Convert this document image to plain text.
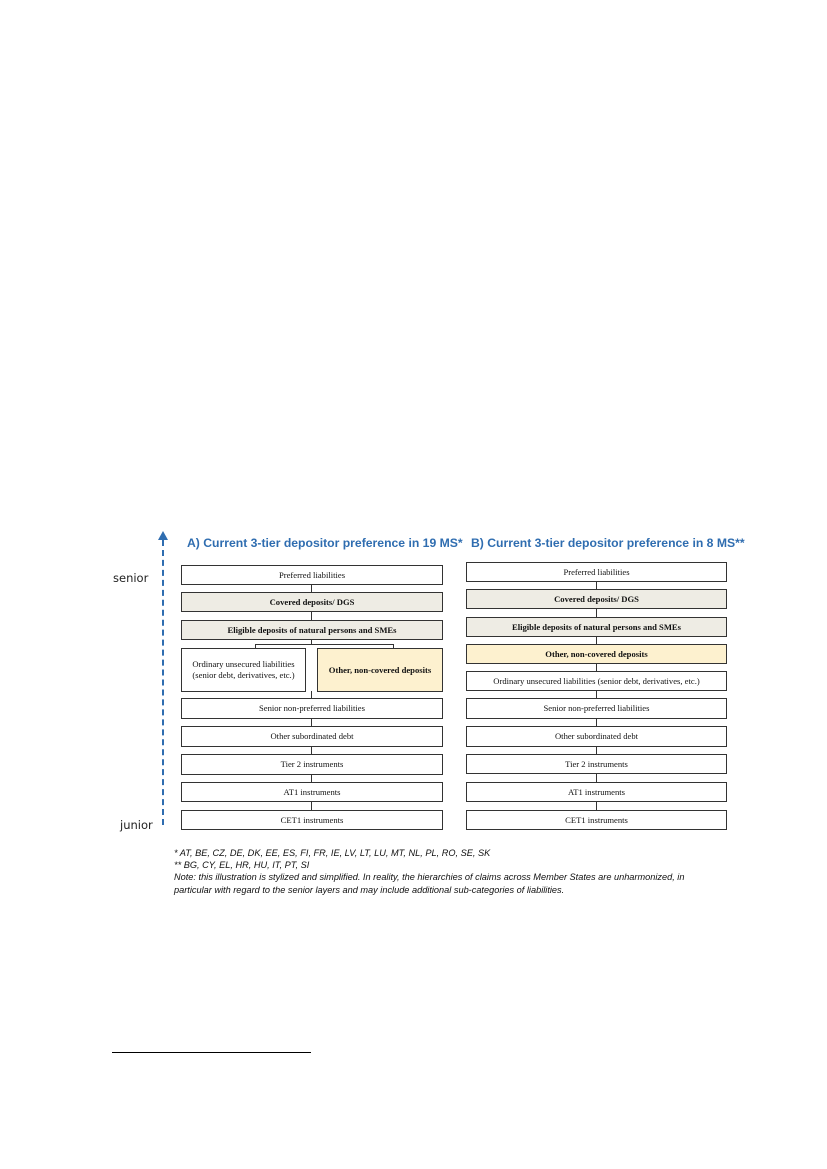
A) Current 3-tier depositor preference in 19 MS* B) Current 3-tier depositor preference in 8 MS**
senior
junior
Preferred liabilities
Covered deposits/ DGS
Eligible deposits of natural persons and SMEs
Ordinary unsecured liabilities (senior debt, derivatives, etc.)
Other, non-covered deposits
Senior non-preferred liabilities
Other subordinated debt
Tier 2 instruments
AT1 instruments
CET1 instruments
Preferred liabilities
Covered deposits/ DGS
Eligible deposits of natural persons and SMEs
Other, non-covered deposits
Ordinary unsecured liabilities (senior debt, derivatives, etc.)
Senior non-preferred liabilities
Other subordinated debt
Tier 2 instruments
AT1 instruments
CET1 instruments
* AT, BE, CZ, DE, DK, EE, ES, FI, FR, IE, LV, LT, LU, MT, NL, PL, RO, SE, SK
** BG, CY, EL, HR, HU, IT, PT, SI
Note: this illustration is stylized and simplified. In reality, the hierarchies of claims across Member States are unharmonized, in
particular with regard to the senior layers and may include additional sub-categories of liabilities.
